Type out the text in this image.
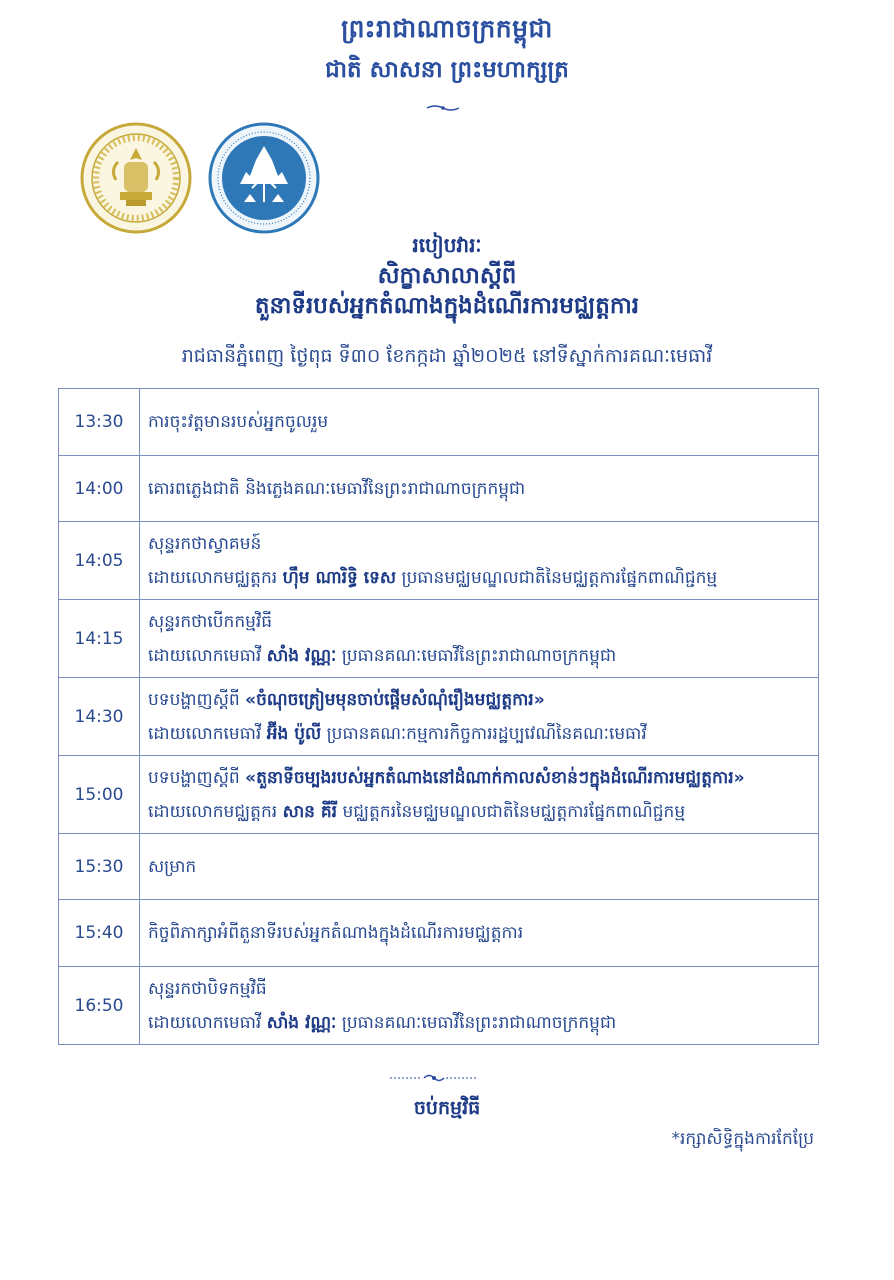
ព្រះរាជាណាចក្រកម្ពុជា
ជាតិ សាសនា ព្រះមហាក្សត្រ
របៀបវារៈ
សិក្ខាសាលាស្តីពី
តួនាទីរបស់អ្នកតំណាងក្នុងដំណើរការមជ្ឈត្តការ
រាជធានីភ្នំពេញ ថ្ងៃពុធ ទី៣០ ខែកក្កដា ឆ្នាំ២០២៥ នៅទីស្នាក់ការគណៈមេធាវី
13:30	ការចុះវត្តមានរបស់អ្នកចូលរួម

14:00	គោរពភ្លេងជាតិ និងភ្លេងគណៈមេធាវីនៃព្រះរាជាណាចក្រកម្ពុជា

14:05	សុន្ទរកថាស្វាគមន៍
ដោយលោកមជ្ឈត្តករ ហ៊ឹម ណារិទ្ធិ ទេស ប្រធានមជ្ឈមណ្ឌលជាតិនៃមជ្ឈត្តការផ្នែកពាណិជ្ជកម្ម

14:15	សុន្ទរកថាបើកកម្មវិធី
ដោយលោកមេធាវី សាំង វណ្ណៈ ប្រធានគណៈមេធាវីនៃព្រះរាជាណាចក្រកម្ពុជា

14:30	បទបង្ហាញស្តីពី «ចំណុចត្រៀមមុនចាប់ផ្តើមសំណុំរឿងមជ្ឈត្តការ»
ដោយលោកមេធាវី អ៊ីង ប៉ូលី ប្រធានគណៈកម្មការកិច្ចការរដ្ឋប្បវេណីនៃគណៈមេធាវី

15:00	បទបង្ហាញស្តីពី «តួនាទីចម្បងរបស់អ្នកតំណាងនៅដំណាក់កាលសំខាន់ៗក្នុងដំណើរការមជ្ឈត្តការ»
ដោយលោកមជ្ឈត្តករ សាន គីរី មជ្ឈត្តករនៃមជ្ឈមណ្ឌលជាតិនៃមជ្ឈត្តការផ្នែកពាណិជ្ជកម្ម

15:30	សម្រាក

15:40	កិច្ចពិភាក្សាអំពីតួនាទីរបស់អ្នកតំណាងក្នុងដំណើរការមជ្ឈត្តការ

16:50	សុន្ទរកថាបិទកម្មវិធី
ដោយលោកមេធាវី សាំង វណ្ណៈ ប្រធានគណៈមេធាវីនៃព្រះរាជាណាចក្រកម្ពុជា
ចប់កម្មវិធី
*រក្សាសិទ្ធិក្នុងការកែប្រែ
